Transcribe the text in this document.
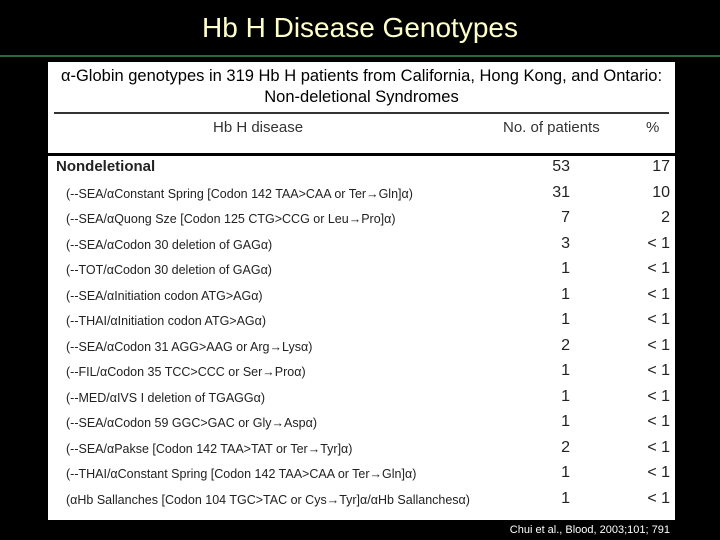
Hb H Disease Genotypes
α-Globin genotypes in 319 Hb H patients from California, Hong Kong, and Ontario: Non-deletional Syndromes
Hb H disease	No. of patients	%
Nondeletional	53	17
(--SEA/αConstant Spring [Codon 142 TAA>CAA or Ter→Gln]α)	31	10
(--SEA/αQuong Sze [Codon 125 CTG>CCG or Leu→Pro]α)	7	2
(--SEA/αCodon 30 deletion of GAGα)	3	< 1
(--TOT/αCodon 30 deletion of GAGα)	1	< 1
(--SEA/αInitiation codon ATG>AGα)	1	< 1
(--THAI/αInitiation codon ATG>AGα)	1	< 1
(--SEA/αCodon 31 AGG>AAG or Arg→Lysα)	2	< 1
(--FIL/αCodon 35 TCC>CCC or Ser→Proα)	1	< 1
(--MED/αIVS I deletion of TGAGGα)	1	< 1
(--SEA/αCodon 59 GGC>GAC or Gly→Aspα)	1	< 1
(--SEA/αPakse [Codon 142 TAA>TAT or Ter→Tyr]α)	2	< 1
(--THAI/αConstant Spring [Codon 142 TAA>CAA or Ter→Gln]α)	1	< 1
(αHb Sallanches [Codon 104 TGC>TAC or Cys→Tyr]α/αHb Sallanchesα)	1	< 1
Chui et al., Blood, 2003;101; 791
